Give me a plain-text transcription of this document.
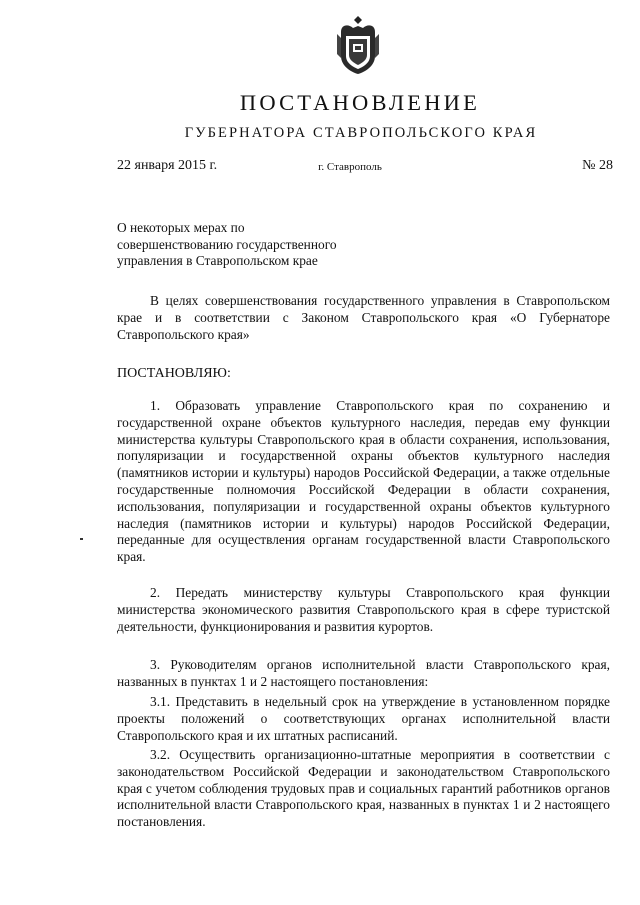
ПОСТАНОВЛЕНИЕ
ГУБЕРНАТОРА СТАВРОПОЛЬСКОГО КРАЯ
22 января 2015 г.	г. Ставрополь	№ 28
О некоторых мерах по совершенствованию государственного управления в Ставропольском крае
В целях совершенствования государственного управления в Ставропольском крае и в соответствии с Законом Ставропольского края «О Губернаторе Ставропольского края»
ПОСТАНОВЛЯЮ:
1. Образовать управление Ставропольского края по сохранению и государственной охране объектов культурного наследия, передав ему функции министерства культуры Ставропольского края в области сохранения, использования, популяризации и государственной охраны объектов культурного наследия (памятников истории и культуры) народов Российской Федерации, а также отдельные государственные полномочия Российской Федерации в области сохранения, использования, популяризации и государственной охраны объектов культурного наследия (памятников истории и культуры) народов Российской Федерации, переданные для осуществления органам государственной власти Ставропольского края.
2. Передать министерству культуры Ставропольского края функции министерства экономического развития Ставропольского края в сфере туристской деятельности, функционирования и развития курортов.
3. Руководителям органов исполнительной власти Ставропольского края, названных в пунктах 1 и 2 настоящего постановления:
3.1. Представить в недельный срок на утверждение в установленном порядке проекты положений о соответствующих органах исполнительной власти Ставропольского края и их штатных расписаний.
3.2. Осуществить организационно-штатные мероприятия в соответствии с законодательством Российской Федерации и законодательством Ставропольского края с учетом соблюдения трудовых прав и социальных гарантий работников органов исполнительной власти Ставропольского края, названных в пунктах 1 и 2 настоящего постановления.
